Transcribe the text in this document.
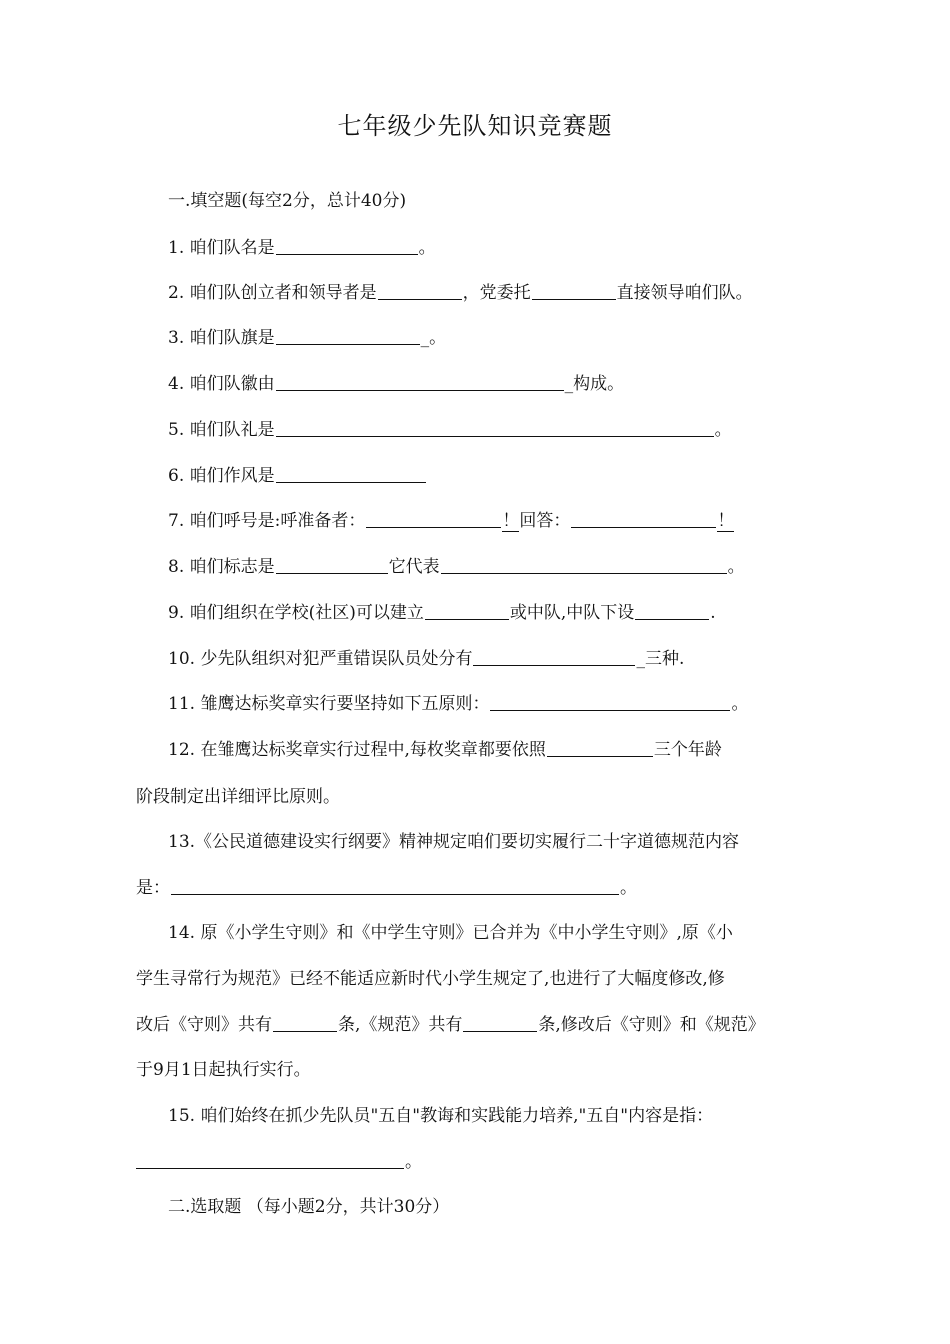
七年级少先队知识竞赛题
一.填空题(每空2分，总计40分)
1. 咱们队名是	。
2. 咱们队创立者和领导者是	，党委托	直接领导咱们队。
3. 咱们队旗是	_。
4. 咱们队徽由	_构成。
5. 咱们队礼是	。
6. 咱们作风是
7. 咱们呼号是:呼准备者：	！回答：	！
8. 咱们标志是	它代表	。
9. 咱们组织在学校(社区)可以建立	或中队,中队下设	.
10. 少先队组织对犯严重错误队员处分有	_三种.
11. 雏鹰达标奖章实行要坚持如下五原则：	。
12. 在雏鹰达标奖章实行过程中,每枚奖章都要依照	三个年龄
阶段制定出详细评比原则。
13.《公民道德建设实行纲要》精神规定咱们要切实履行二十字道德规范内容
是：	。
14. 原《小学生守则》和《中学生守则》已合并为《中小学生守则》,原《小
学生寻常行为规范》已经不能适应新时代小学生规定了,也进行了大幅度修改,修
改后《守则》共有	条,《规范》共有	条,修改后《守则》和《规范》
于9月1日起执行实行。
15. 咱们始终在抓少先队员"五自"教诲和实践能力培养,"五自"内容是指：
。
二.选取题 （每小题2分，共计30分）
